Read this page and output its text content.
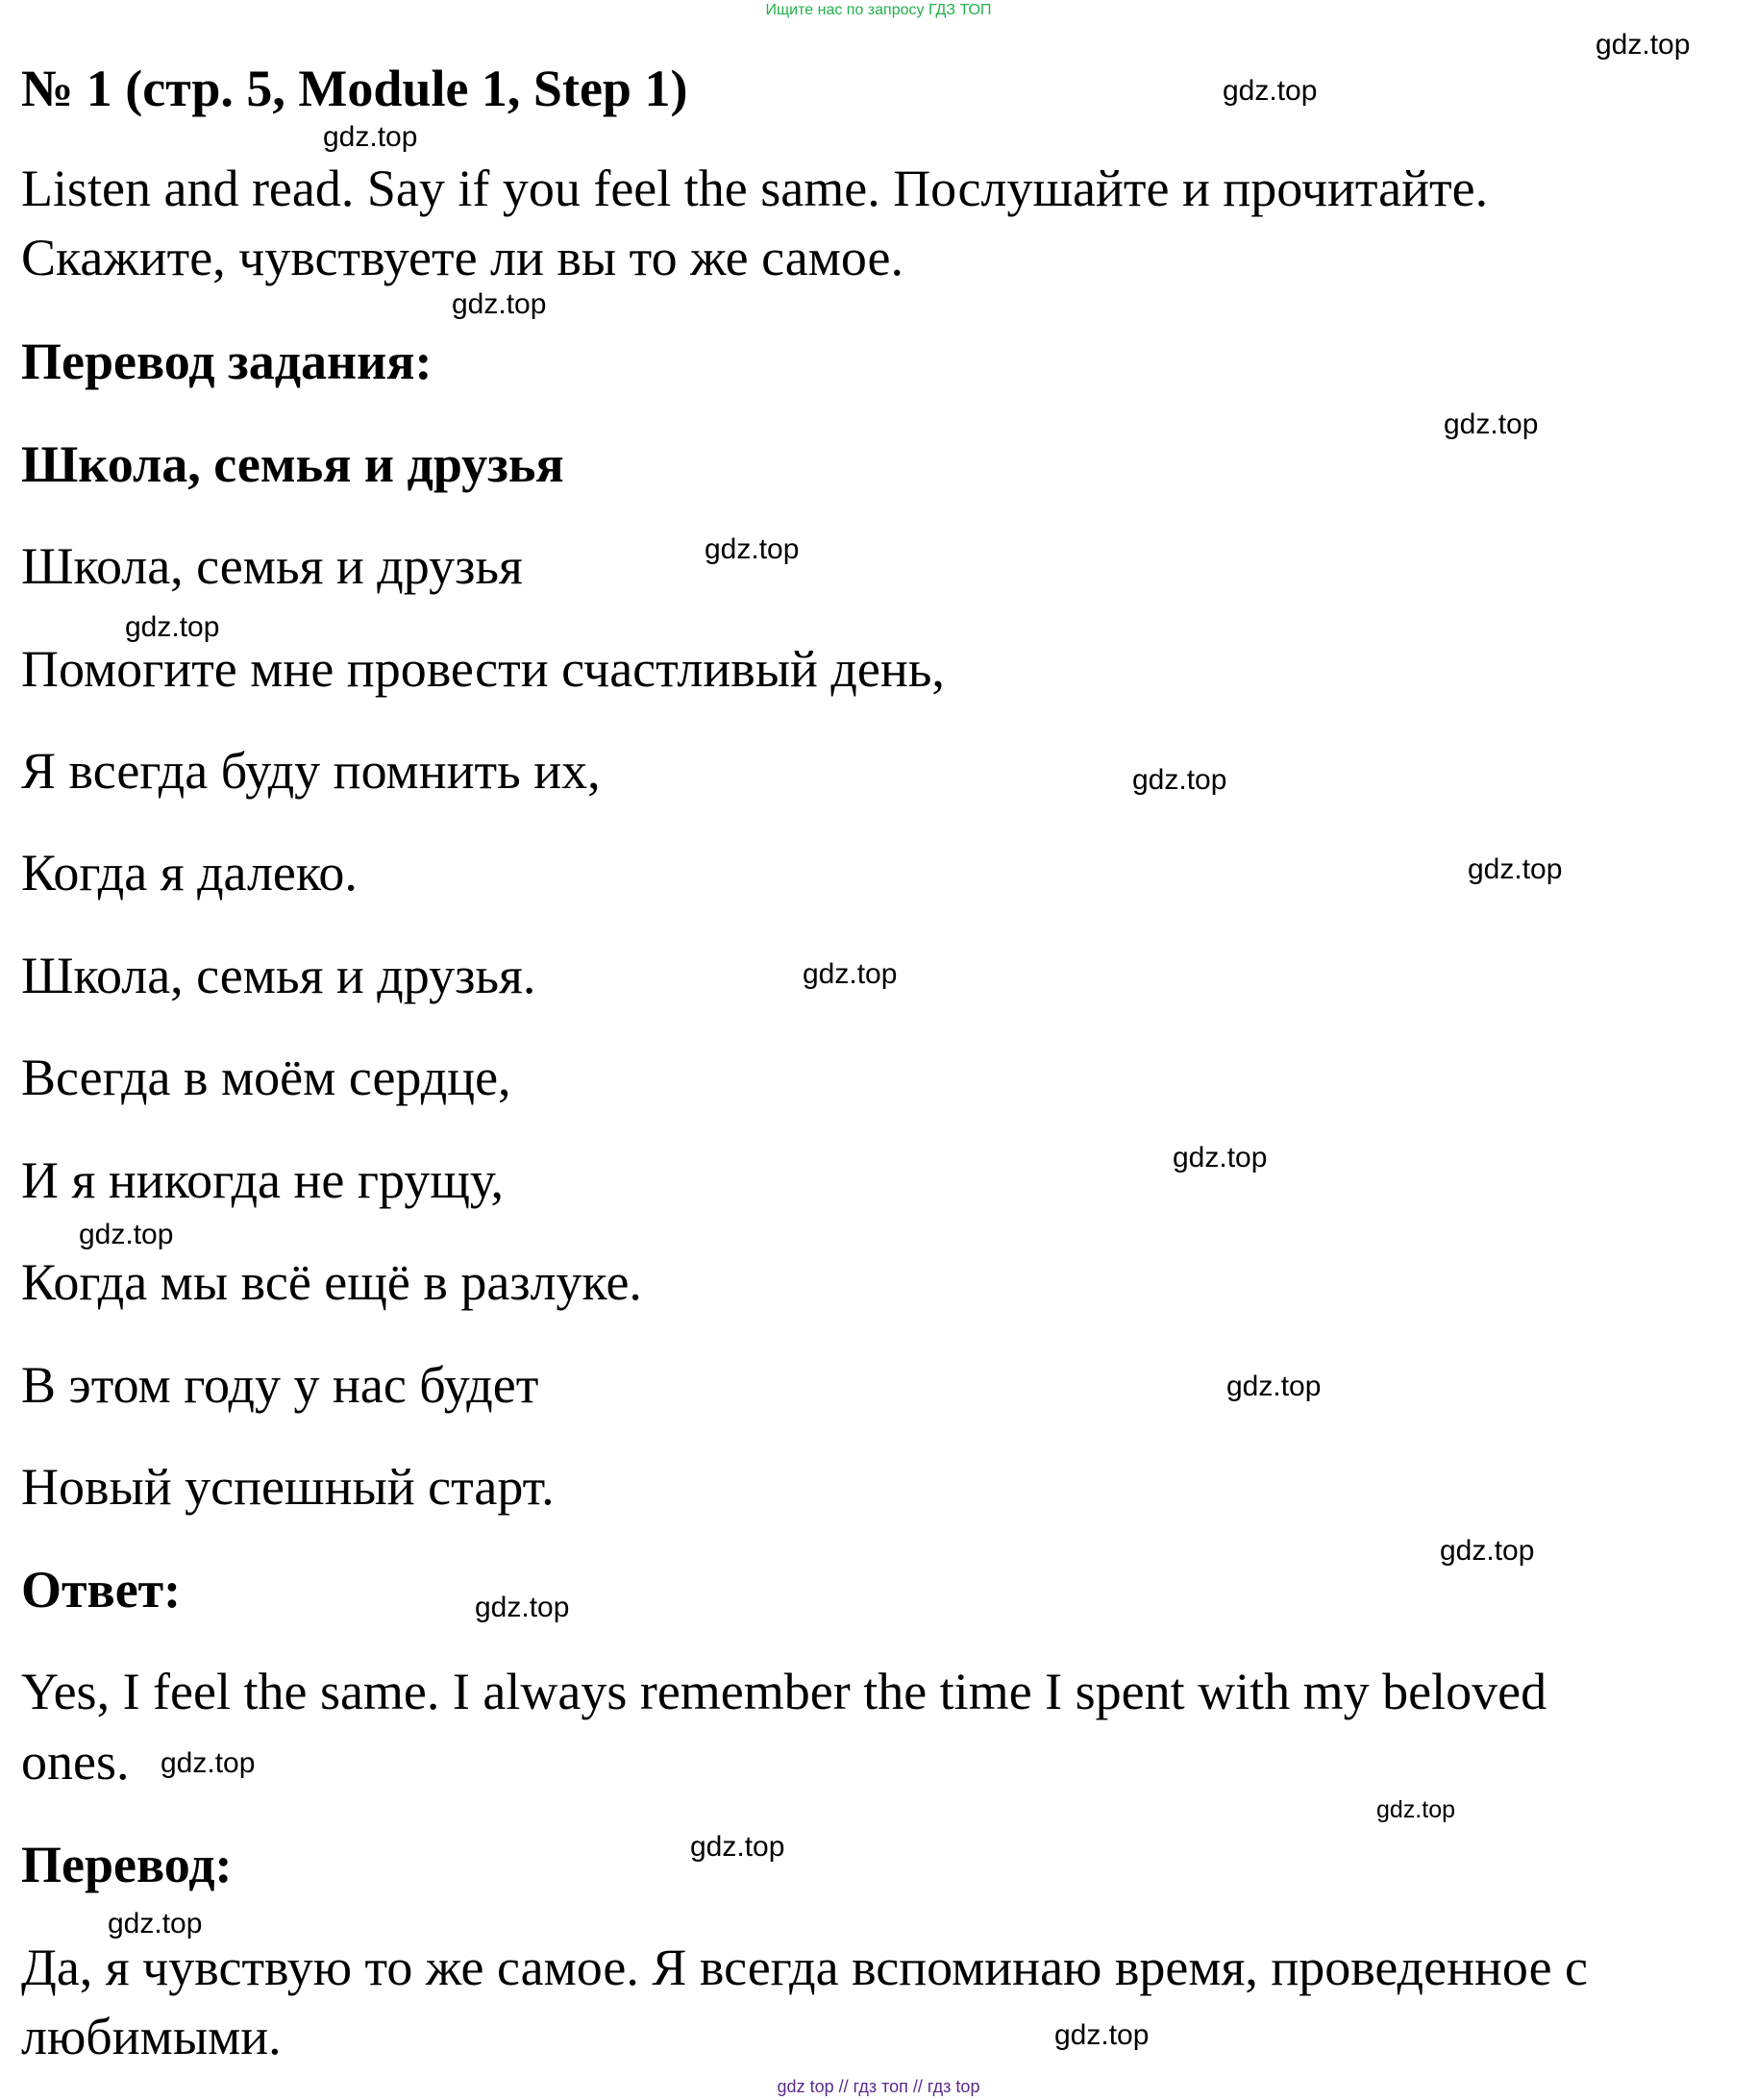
Ищите нас по запросу ГДЗ ТОП
№ 1 (стр. 5, Module 1, Step 1)
Listen and read. Say if you feel the same. Послушайте и прочитайте.
Скажите, чувствуете ли вы то же самое.
Перевод задания:
Школа, семья и друзья
Школа, семья и друзья
Помогите мне провести счастливый день,
Я всегда буду помнить их,
Когда я далеко.
Школа, семья и друзья.
Всегда в моём сердце,
И я никогда не грущу,
Когда мы всё ещё в разлуке.
В этом году у нас будет
Новый успешный старт.
Ответ:
Yes, I feel the same. I always remember the time I spent with my beloved
ones.
Перевод:
Да, я чувствую то же самое. Я всегда вспоминаю время, проведенное с
любимыми.
gdz.top
gdz.top
gdz.top
gdz.top
gdz.top
gdz.top
gdz.top
gdz.top
gdz.top
gdz.top
gdz.top
gdz.top
gdz.top
gdz.top
gdz.top
gdz.top
gdz.top
gdz.top
gdz.top
gdz.top
gdz top // гдз топ // гдз top
